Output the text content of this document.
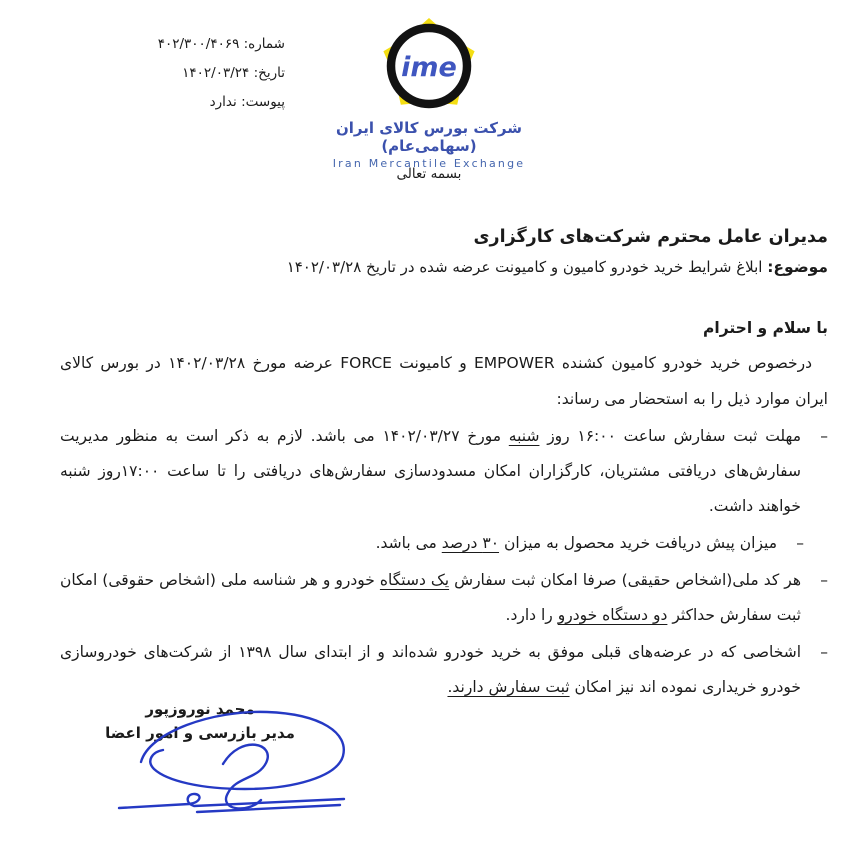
شماره: ۴۰۲/۳۰۰/۴۰۶۹
تاریخ: ۱۴۰۲/۰۳/۲۴
پیوست: ندارد
ime
شرکت بورس کالای ایران (سهامی‌عام)
Iran Mercantile Exchange
بسمه تعالی
مدیران عامل محترم شرکت‌های کارگزاری
موضوع: ابلاغ شرایط خرید خودرو کامیون و کامیونت عرضه شده در تاریخ ۱۴۰۲/۰۳/۲۸
با سلام و احترام

درخصوص خرید خودرو کامیون کشنده EMPOWER و کامیونت FORCE عرضه مورخ ۱۴۰۲/۰۳/۲۸ در بورس کالای ایران موارد ذیل را به استحضار می رساند:

–
مهلت ثبت سفارش ساعت ۱۶:۰۰ روز شنبه مورخ ۱۴۰۲/۰۳/۲۷ می باشد. لازم به ذکر است به منظور مدیریت سفارش‌های دریافتی مشتریان، کارگزاران امکان مسدودسازی سفارش‌های دریافتی را تا ساعت ۱۷:۰۰روز شنبه خواهند داشت.
–
میزان پیش دریافت خرید محصول به میزان ۳۰ درصد می باشد.
–
هر کد ملی(اشخاص حقیقی) صرفا امکان ثبت سفارش یک دستگاه خودرو و هر شناسه ملی (اشخاص حقوقی) امکان ثبت سفارش حداکثر دو دستگاه خودرو را دارد.
–
اشخاصی که در عرضه‌های قبلی موفق به خرید خودرو شده‌اند و از ابتدای سال ۱۳۹۸ از شرکت‌های خودروسازی خودرو خریداری نموده اند نیز امکان ثبت سفارش دارند.
محمد نوروزپور
مدیر بازرسی و امور اعضا
